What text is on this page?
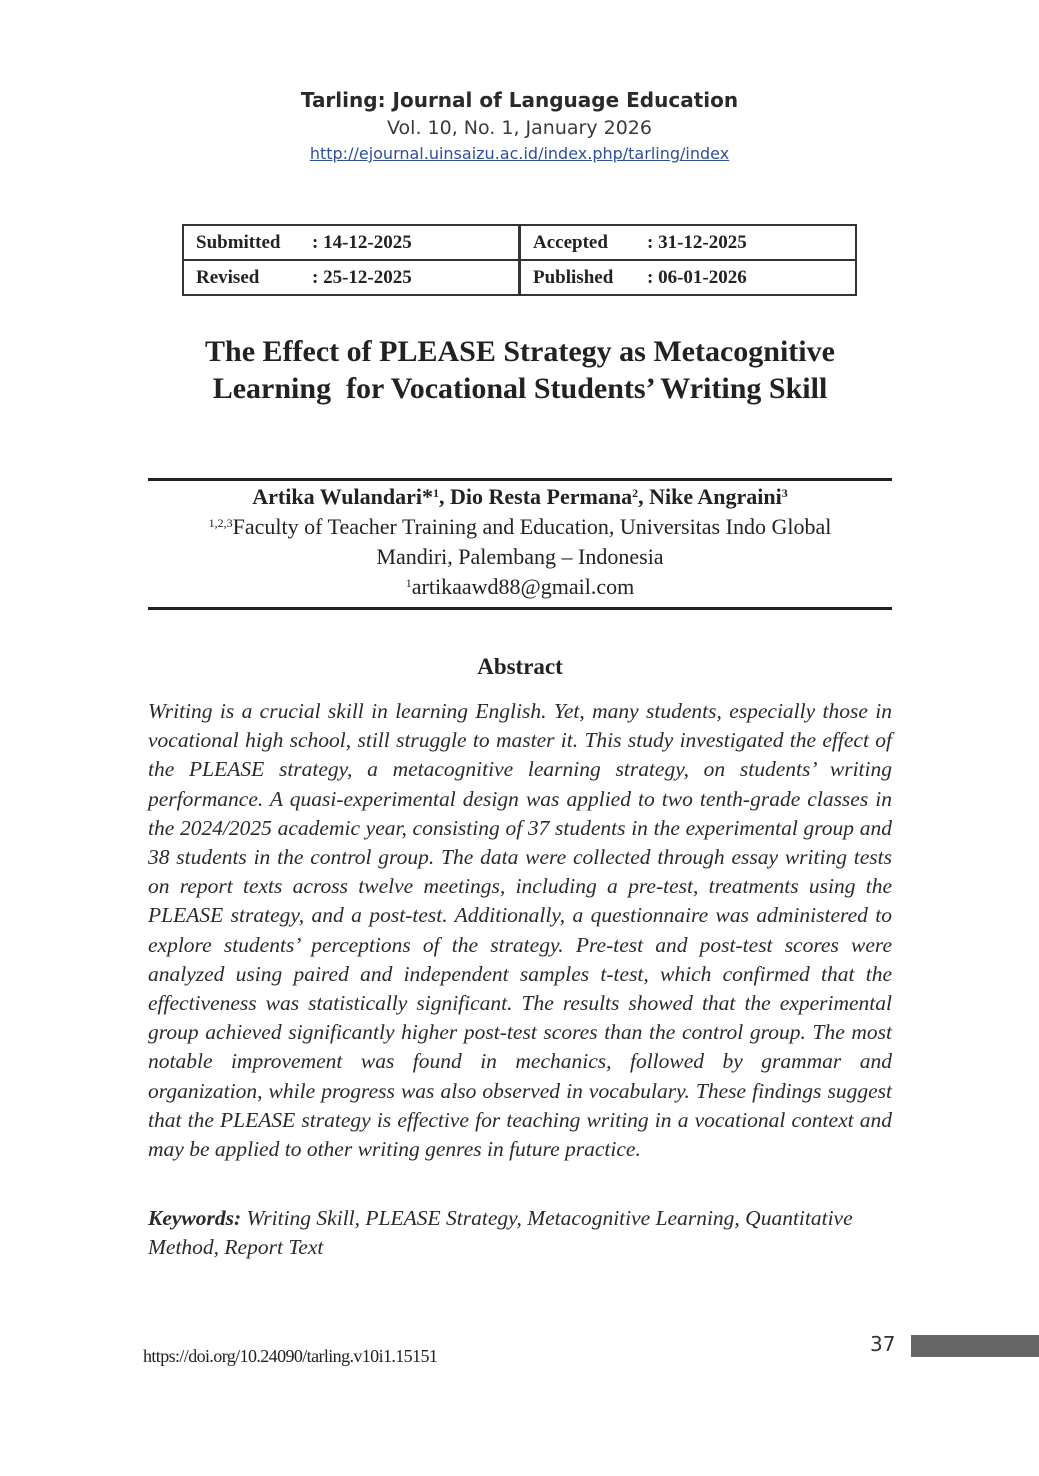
Tarling: Journal of Language Education
Vol. 10, No. 1, January 2026
http://ejournal.uinsaizu.ac.id/index.php/tarling/index
Submitted : 14-12-2025	Accepted : 31-12-2025
Revised : 25-12-2025	Published : 06-01-2026
The Effect of PLEASE Strategy as Metacognitive
Learning  for Vocational Students’ Writing Skill
Artika Wulandari*$^1$, Dio Resta Permana$^2$, Nike Angraini$^3$
$^{1,2,3}$Faculty of Teacher Training and Education, Universitas Indo Global
Mandiri, Palembang – Indonesia
$^1$artikaawd88@gmail.com
Abstract
Writing is a crucial skill in learning English. Yet, many students, especially those in vocational high school, still struggle to master it. This study investigated the effect of the PLEASE strategy, a metacognitive learning strategy, on students’ writing performance. A quasi-experimental design was applied to two tenth-grade classes in the 2024/2025 academic year, consisting of 37 students in the experimental group and 38 students in the control group. The data were collected through essay writing tests on report texts across twelve meetings, including a pre-test, treatments using the PLEASE strategy, and a post-test. Additionally, a questionnaire was administered to explore students’ perceptions of the strategy. Pre-test and post-test scores were analyzed using paired and independent samples t-test, which confirmed that the effectiveness was statistically significant. The results showed that the experimental group achieved significantly higher post-test scores than the control group. The most notable improvement was found in mechanics, followed by grammar and organization, while progress was also observed in vocabulary. These findings suggest that the PLEASE strategy is effective for teaching writing in a vocational context and may be applied to other writing genres in future practice.
Keywords: Writing Skill, PLEASE Strategy, Metacognitive Learning, Quantitative Method, Report Text
https://doi.org/10.24090/tarling.v10i1.15151	37
